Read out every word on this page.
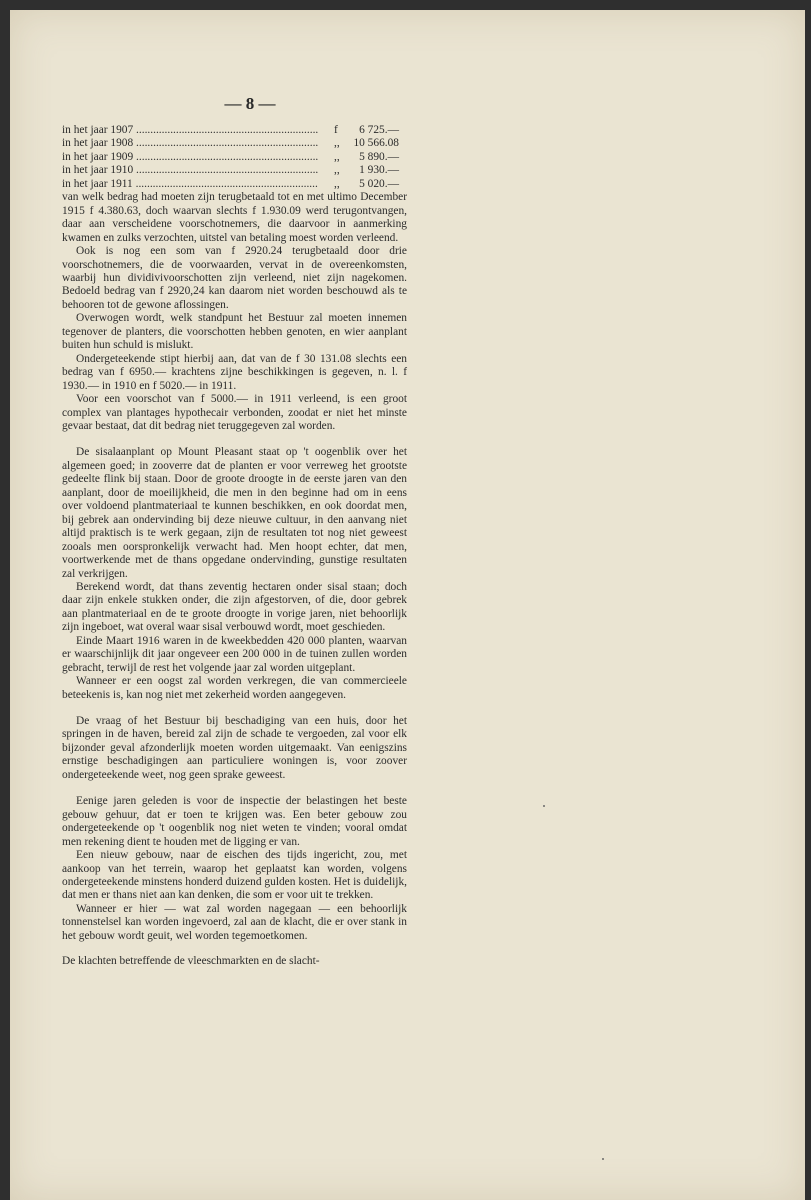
— 8 —
in het jaar 1907 .....	f	6 725.—
in het jaar 1908 .....	,,	10 566.08
in het jaar 1909 .....	,,	5 890.—
in het jaar 1910 .....	,,	1 930.—
in het jaar 1911 .....	,,	5 020.—

van welk bedrag had moeten zijn terugbetaald tot en met ultimo December 1915 f 4.380.63, doch waarvan slechts f 1.930.09 werd terugontvangen, daar aan verscheidene voorschotnemers, die daarvoor in aanmerking kwamen en zulks verzochten, uitstel van betaling moest worden verleend.

Ook is nog een som van f 2920.24 terugbetaald door drie voorschotnemers, die de voorwaarden, vervat in de overeenkomsten, waarbij hun dividivivoorschotten zijn verleend, niet zijn nagekomen. Bedoeld bedrag van f 2920,24 kan daarom niet worden beschouwd als te behooren tot de gewone aflossingen.

Overwogen wordt, welk standpunt het Bestuur zal moeten innemen tegenover de planters, die voorschotten hebben genoten, en wier aanplant buiten hun schuld is mislukt.

Ondergeteekende stipt hierbij aan, dat van de f 30 131.08 slechts een bedrag van f 6950.— krachtens zijne beschikkingen is gegeven, n. l. f 1930.— in 1910 en f 5020.— in 1911.

Voor een voorschot van f 5000.— in 1911 verleend, is een groot complex van plantages hypothecair verbonden, zoodat er niet het minste gevaar bestaat, dat dit bedrag niet teruggegeven zal worden.

De sisalaanplant op Mount Pleasant staat op 't oogenblik over het algemeen goed; in zooverre dat de planten er voor verreweg het grootste gedeelte flink bij staan. Door de groote droogte in de eerste jaren van den aanplant, door de moeilijkheid, die men in den beginne had om in eens over voldoend plantmateriaal te kunnen beschikken, en ook doordat men, bij gebrek aan ondervinding bij deze nieuwe cultuur, in den aanvang niet altijd praktisch is te werk gegaan, zijn de resultaten tot nog niet geweest zooals men oorspronkelijk verwacht had. Men hoopt echter, dat men, voortwerkende met de thans opgedane ondervinding, gunstige resultaten zal verkrijgen.

Berekend wordt, dat thans zeventig hectaren onder sisal staan; doch daar zijn enkele stukken onder, die zijn afgestorven, of die, door gebrek aan plantmateriaal en de te groote droogte in vorige jaren, niet behoorlijk zijn ingeboet, wat overal waar sisal verbouwd wordt, moet geschieden.

Einde Maart 1916 waren in de kweekbedden 420 000 planten, waarvan er waarschijnlijk dit jaar ongeveer een 200 000 in de tuinen zullen worden gebracht, terwijl de rest het volgende jaar zal worden uitgeplant.

Wanneer er een oogst zal worden verkregen, die van commercieele beteekenis is, kan nog niet met zekerheid worden aangegeven.

De vraag of het Bestuur bij beschadiging van een huis, door het springen in de haven, bereid zal zijn de schade te vergoeden, zal voor elk bijzonder geval afzonderlijk moeten worden uitgemaakt. Van eenigszins ernstige beschadigingen aan particuliere woningen is, voor zoover ondergeteekende weet, nog geen sprake geweest.

Eenige jaren geleden is voor de inspectie der belastingen het beste gebouw gehuur, dat er toen te krijgen was. Een beter gebouw zou ondergeteekende op 't oogenblik nog niet weten te vinden; vooral omdat men rekening dient te houden met de ligging er van.

Een nieuw gebouw, naar de eischen des tijds ingericht, zou, met aankoop van het terrein, waarop het geplaatst kan worden, volgens ondergeteekende minstens honderd duizend gulden kosten. Het is duidelijk, dat men er thans niet aan kan denken, die som er voor uit te trekken.

Wanneer er hier — wat zal worden nagegaan — een behoorlijk tonnenstelsel kan worden ingevoerd, zal aan de klacht, die er over stank in het gebouw wordt geuit, wel worden tegemoetkomen.

De klachten betreffende de vleeschmarkten en de slacht-
